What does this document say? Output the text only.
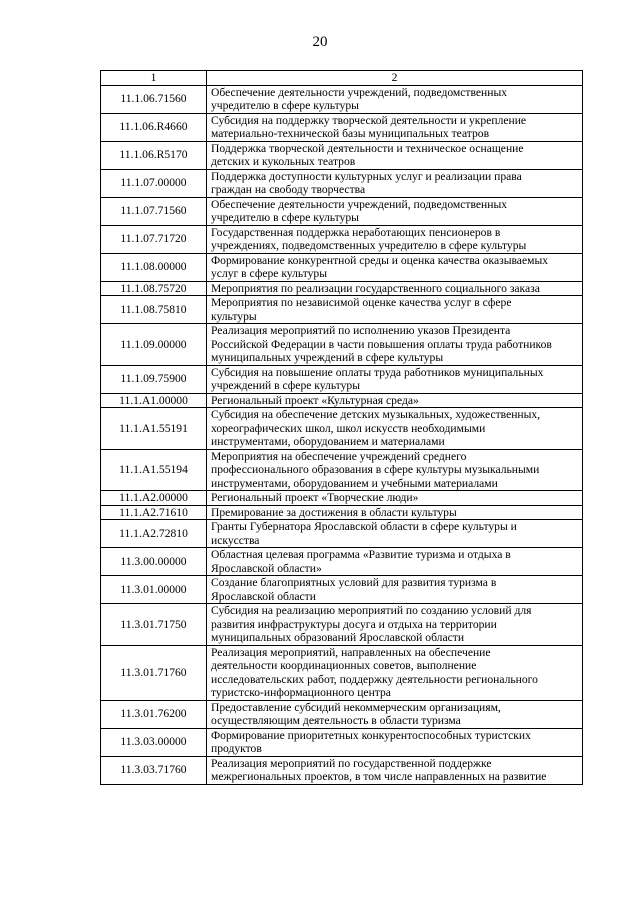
20
1	2
11.1.06.71560	Обеспечение деятельности учреждений, подведомственных
учредителю в сфере культуры

11.1.06.R4660	Субсидия на поддержку творческой деятельности и укрепление
материально-технической базы муниципальных театров

11.1.06.R5170	Поддержка творческой деятельности и техническое оснащение
детских и кукольных театров

11.1.07.00000	Поддержка доступности культурных услуг и реализации права
граждан на свободу творчества

11.1.07.71560	Обеспечение деятельности учреждений, подведомственных
учредителю в сфере культуры

11.1.07.71720	Государственная поддержка неработающих пенсионеров в
учреждениях, подведомственных учредителю в сфере культуры

11.1.08.00000	Формирование конкурентной среды и оценка качества оказываемых
услуг в сфере культуры

11.1.08.75720	Мероприятия по реализации государственного социального заказа

11.1.08.75810	Мероприятия по независимой оценке качества услуг в сфере
культуры

11.1.09.00000	Реализация мероприятий по исполнению указов Президента
Российской Федерации в части повышения оплаты труда работников
муниципальных учреждений в сфере культуры

11.1.09.75900	Субсидия на повышение оплаты труда работников муниципальных
учреждений в сфере культуры

11.1.A1.00000	Региональный проект «Культурная среда»

11.1.A1.55191	Субсидия на обеспечение детских музыкальных, художественных,
хореографических школ, школ искусств необходимыми
инструментами, оборудованием и материалами

11.1.A1.55194	Мероприятия на обеспечение учреждений среднего
профессионального образования в сфере культуры музыкальными
инструментами, оборудованием и учебными материалами

11.1.A2.00000	Региональный проект «Творческие люди»

11.1.A2.71610	Премирование за достижения в области культуры

11.1.A2.72810	Гранты Губернатора Ярославской области в сфере культуры и
искусства

11.3.00.00000	Областная целевая программа «Развитие туризма и отдыха в
Ярославской области»

11.3.01.00000	Создание благоприятных условий для развития туризма в
Ярославской области

11.3.01.71750	Субсидия на реализацию мероприятий по созданию условий для
развития инфраструктуры досуга и отдыха на территории
муниципальных образований Ярославской области

11.3.01.71760	Реализация мероприятий, направленных на обеспечение
деятельности координационных советов, выполнение
исследовательских работ, поддержку деятельности регионального
туристско-информационного центра

11.3.01.76200	Предоставление субсидий некоммерческим организациям,
осуществляющим деятельность в области туризма

11.3.03.00000	Формирование приоритетных конкурентоспособных туристских
продуктов

11.3.03.71760	Реализация мероприятий по государственной поддержке
межрегиональных проектов, в том числе направленных на развитие
